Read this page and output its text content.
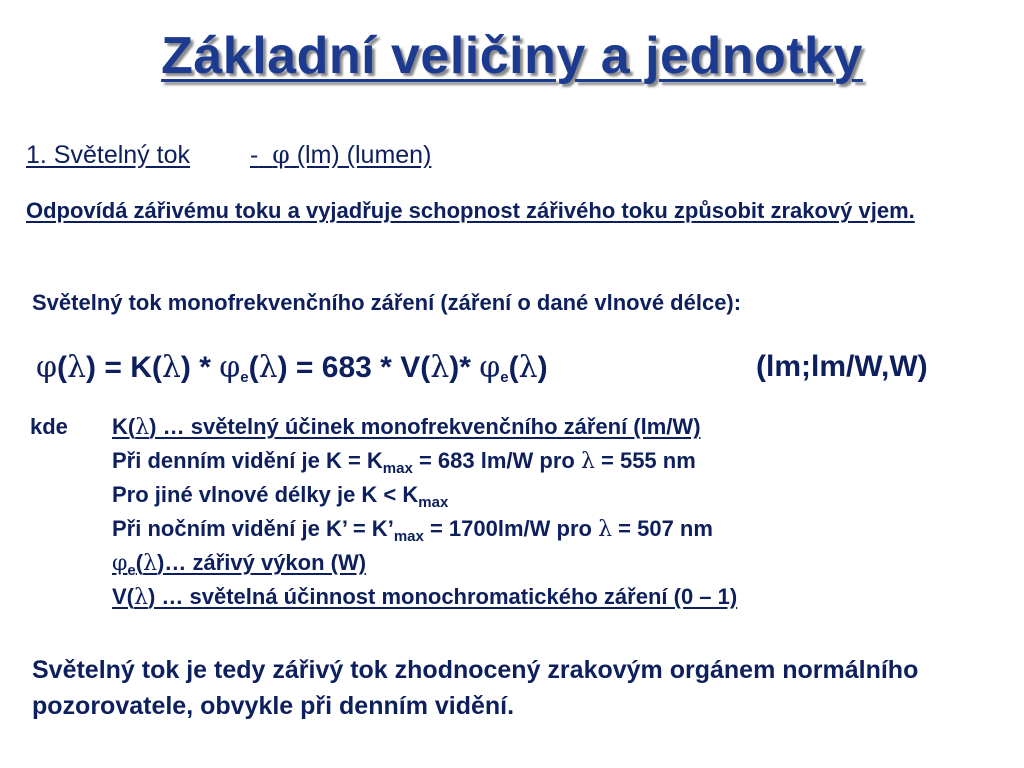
Základní veličiny a jednotky
1. Světelný tok - φ (lm) (lumen)
Odpovídá zářivému toku a vyjadřuje schopnost zářivého toku způsobit zrakový vjem.
Světelný tok monofrekvenčního záření (záření o dané vlnové délce):
$\varphi(\lambda) = K(\lambda) * \varphi_e(\lambda) = 683 * V(\lambda)*$ $\varphi_e(\lambda)$	(lm;lm/W,W)
kde K(λ) … světelný účinek monofrekvenčního záření (lm/W)
Při denním vidění je $K = K_{max} = 683$ lm/W pro λ = 555 nm
Pro jiné vlnové délky je $K < K_{max}$
Při nočním vidění je K’ = $K’_{max} = 1700lm/W$ pro λ = 507 nm
$\varphi_e(\lambda)\dots$ zářivý výkon (W)
V(λ) … světelná účinnost monochromatického záření (0 – 1)
Světelný tok je tedy zářivý tok zhodnocený zrakovým orgánem normálního pozorovatele, obvykle při denním vidění.
